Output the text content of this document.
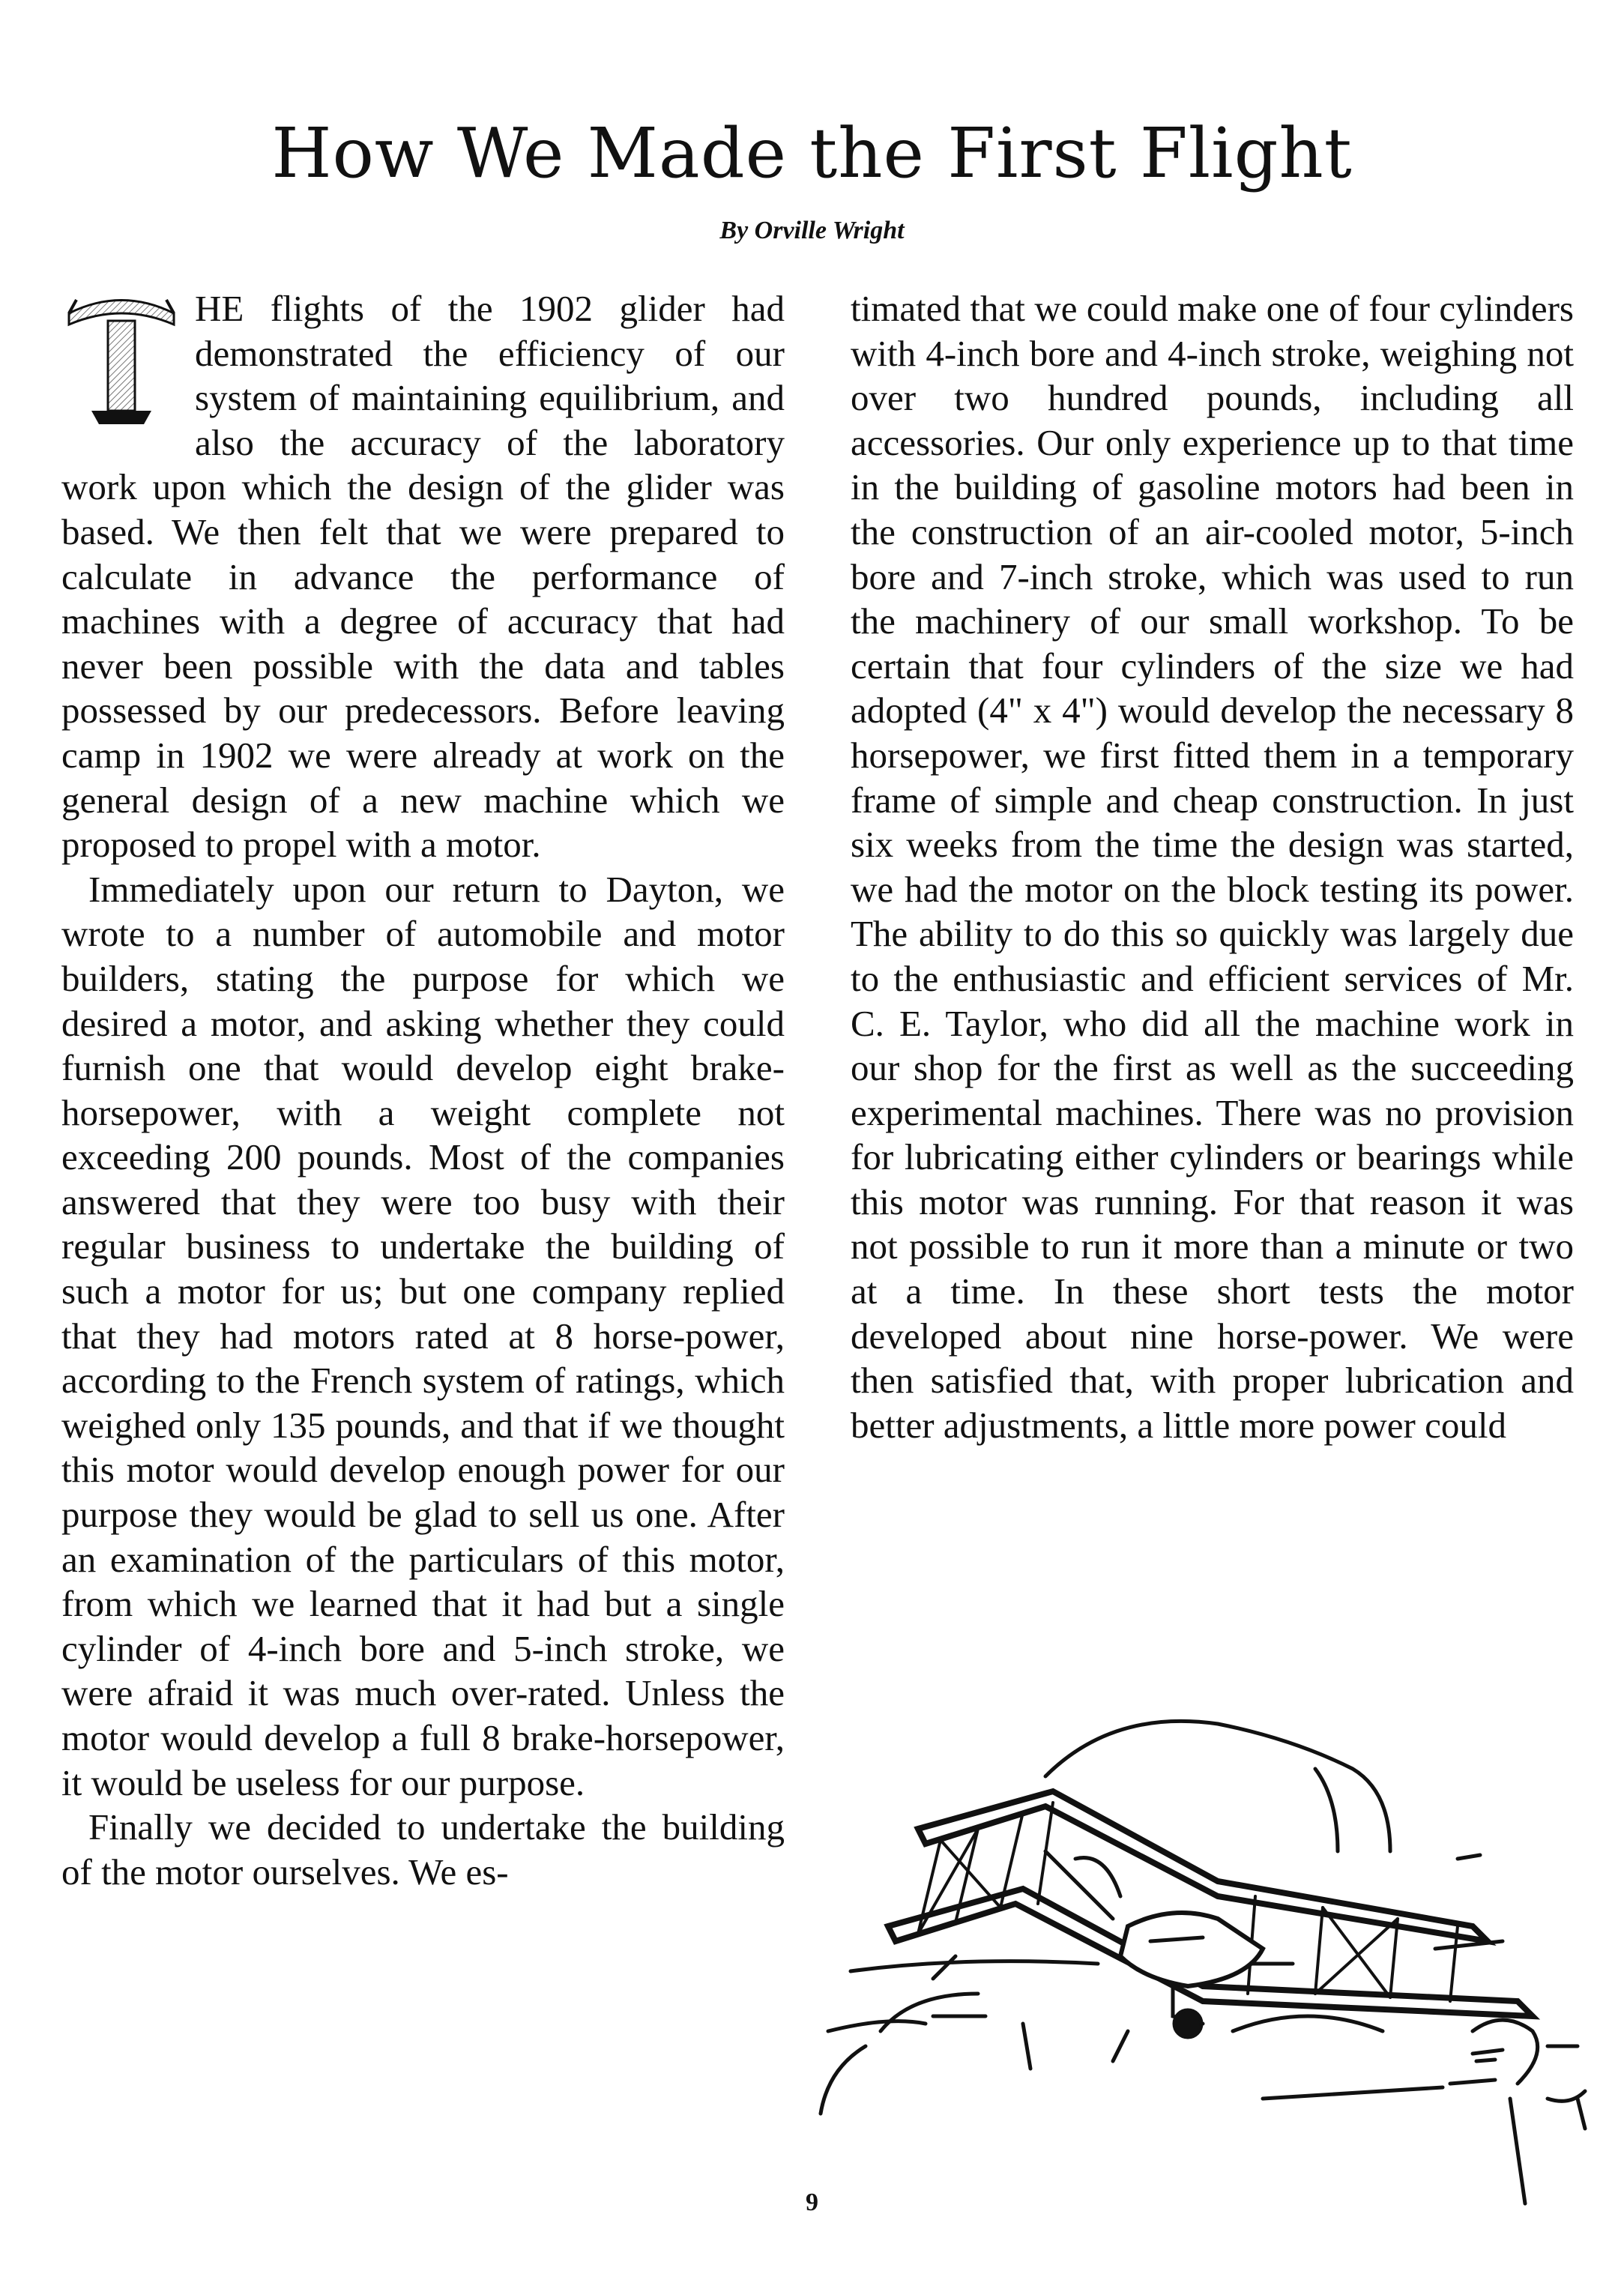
How We Made the First Flight
By Orville Wright

HE flights of the 1902 glider had demonstrated the efficiency of our system of maintaining equilibrium, and also the accuracy of the laboratory work upon which the design of the glider was based. We then felt that we were prepared to calculate in advance the performance of machines with a degree of accuracy that had never been possible with the data and tables possessed by our predecessors. Before leaving camp in 1902 we were already at work on the general design of a new machine which we proposed to propel with a motor.

Immediately upon our return to Dayton, we wrote to a number of automobile and motor builders, stating the purpose for which we desired a motor, and asking whether they could furnish one that would develop eight brake-horsepower, with a weight complete not exceeding 200 pounds. Most of the companies answered that they were too busy with their regular business to undertake the building of such a motor for us; but one company replied that they had motors rated at 8 horse-power, according to the French system of ratings, which weighed only 135 pounds, and that if we thought this motor would develop enough power for our purpose they would be glad to sell us one. After an examination of the particulars of this motor, from which we learned that it had but a single cylinder of 4-inch bore and 5-inch stroke, we were afraid it was much over-rated. Unless the motor would develop a full 8 brake-horsepower, it would be useless for our purpose.

Finally we decided to undertake the building of the motor ourselves. We es-

timated that we could make one of four cylinders with 4-inch bore and 4-inch stroke, weighing not over two hundred pounds, including all accessories. Our only experience up to that time in the building of gasoline motors had been in the construction of an air-cooled motor, 5-inch bore and 7-inch stroke, which was used to run the machinery of our small workshop. To be certain that four cylinders of the size we had adopted (4" x 4") would develop the necessary 8 horsepower, we first fitted them in a temporary frame of simple and cheap construction. In just six weeks from the time the design was started, we had the motor on the block testing its power. The ability to do this so quickly was largely due to the enthusiastic and efficient services of Mr. C. E. Taylor, who did all the machine work in our shop for the first as well as the succeeding experimental machines. There was no provision for lubricating either cylinders or bearings while this motor was running. For that reason it was not possible to run it more than a minute or two at a time. In these short tests the motor developed about nine horse-power. We were then satisfied that, with proper lubrication and better adjustments, a little more power could

9
